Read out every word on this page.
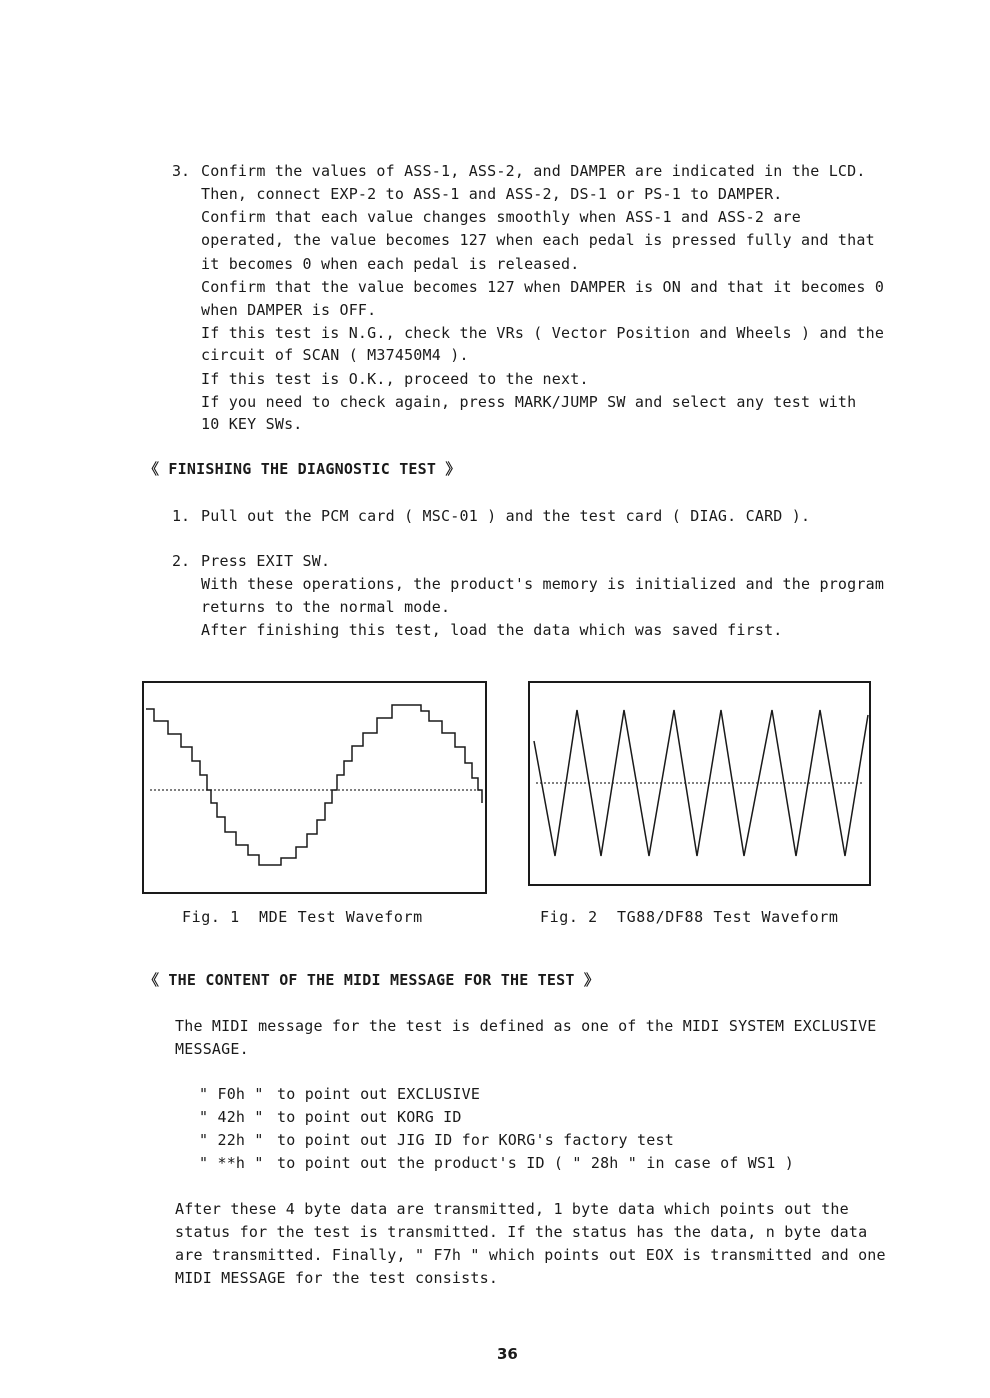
3. Confirm the values of ASS-1, ASS-2, and DAMPER are indicated in the LCD.
Then, connect EXP-2 to ASS-1 and ASS-2, DS-1 or PS-1 to DAMPER.
Confirm that each value changes smoothly when ASS-1 and ASS-2 are
operated, the value becomes 127 when each pedal is pressed fully and that
it becomes 0 when each pedal is released.
Confirm that the value becomes 127 when DAMPER is ON and that it becomes 0
when DAMPER is OFF.
If this test is N.G., check the VRs ( Vector Position and Wheels ) and the
circuit of SCAN ( M37450M4 ).
If this test is O.K., proceed to the next.
If you need to check again, press MARK/JUMP SW and select any test with
10 KEY SWs.
《 FINISHING THE DIAGNOSTIC TEST 》
1. Pull out the PCM card ( MSC-01 ) and the test card ( DIAG. CARD ).
2. Press EXIT SW.
With these operations, the product's memory is initialized and the program
returns to the normal mode.
After finishing this test, load the data which was saved first.
Fig. 1  MDE Test Waveform	Fig. 2  TG88/DF88 Test Waveform
《 THE CONTENT OF THE MIDI MESSAGE FOR THE TEST 》
The MIDI message for the test is defined as one of the MIDI SYSTEM EXCLUSIVE
MESSAGE.
" F0h " to point out EXCLUSIVE
" 42h " to point out KORG ID
" 22h " to point out JIG ID for KORG's factory test
" **h " to point out the product's ID ( " 28h " in case of WS1 )
After these 4 byte data are transmitted, 1 byte data which points out the
status for the test is transmitted. If the status has the data, n byte data
are transmitted. Finally, " F7h " which points out EOX is transmitted and one
MIDI MESSAGE for the test consists.
36
